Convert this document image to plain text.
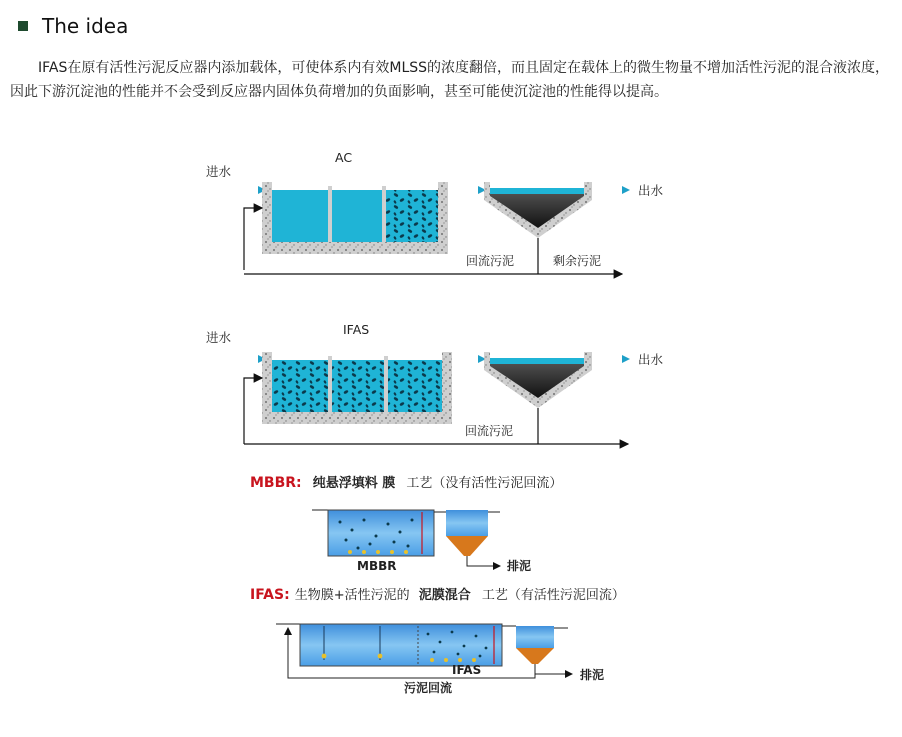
The idea

IFAS在原有活性污泥反应器内添加载体，可使体系内有效MLSS的浓度翻倍，而且固定在载体上的微生物量不增加活性污泥的混合液浓度，因此下游沉淀池的性能并不会受到反应器内固体负荷增加的负面影响，甚至可能使沉淀池的性能得以提高。

AC
进水
出水
回流污泥	剩余污泥
IFAS
进水
出水
回流污泥
MBBR: 纯悬浮填料 膜 工艺（没有活性污泥回流）
MBBR	排泥
IFAS: 生物膜+活性污泥的 泥膜混合 工艺（有活性污泥回流）
IFAS	排泥
污泥回流
